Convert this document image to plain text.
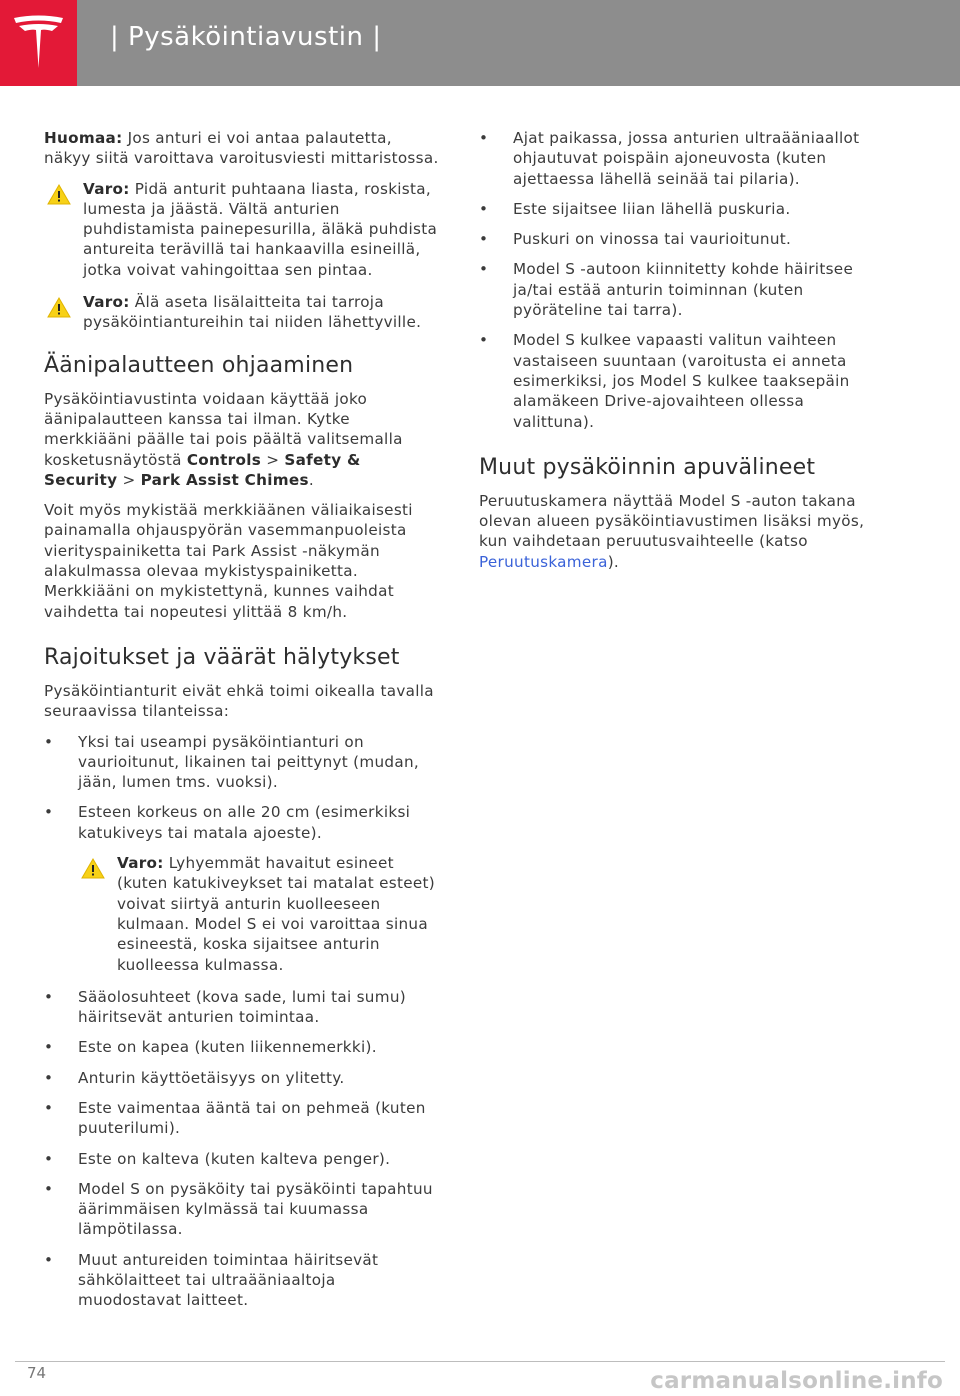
| Pysäköintiavustin |

Huomaa: Jos anturi ei voi antaa palautetta, näkyy siitä varoittava varoitusviesti mittaristossa.

Varo: Pidä anturit puhtaana liasta, roskista, lumesta ja jäästä. Vältä anturien puhdistamista painepesurilla, äläkä puhdista antureita terävillä tai hankaavilla esineillä, jotka voivat vahingoittaa sen pintaa.

Varo: Älä aseta lisälaitteita tai tarroja pysäköintiantureihin tai niiden lähettyville.

Äänipalautteen ohjaaminen

Pysäköintiavustinta voidaan käyttää joko äänipalautteen kanssa tai ilman. Kytke merkkiääni päälle tai pois päältä valitsemalla kosketusnäytöstä Controls > Safety & Security > Park Assist Chimes.

Voit myös mykistää merkkiäänen väliaikaisesti painamalla ohjauspyörän vasemmanpuoleista vierityspainiketta tai Park Assist -näkymän alakulmassa olevaa mykistyspainiketta. Merkkiääni on mykistettynä, kunnes vaihdat vaihdetta tai nopeutesi ylittää 8 km/h.

Rajoitukset ja väärät hälytykset

Pysäköintianturit eivät ehkä toimi oikealla tavalla seuraavissa tilanteissa:

• Yksi tai useampi pysäköintianturi on vaurioitunut, likainen tai peittynyt (mudan, jään, lumen tms. vuoksi).
• Esteen korkeus on alle 20 cm (esimerkiksi katukiveys tai matala ajoeste).

Varo: Lyhyemmät havaitut esineet (kuten katukiveykset tai matalat esteet) voivat siirtyä anturin kuolleeseen kulmaan. Model S ei voi varoittaa sinua esineestä, koska sijaitsee anturin kuolleessa kulmassa.

• Sääolosuhteet (kova sade, lumi tai sumu) häiritsevät anturien toimintaa.
• Este on kapea (kuten liikennemerkki).
• Anturin käyttöetäisyys on ylitetty.
• Este vaimentaa ääntä tai on pehmeä (kuten puuterilumi).
• Este on kalteva (kuten kalteva penger).
• Model S on pysäköity tai pysäköinti tapahtuu äärimmäisen kylmässä tai kuumassa lämpötilassa.
• Muut antureiden toimintaa häiritsevät sähkölaitteet tai ultraääniaaltoja muodostavat laitteet.
• Ajat paikassa, jossa anturien ultraääniaallot ohjautuvat poispäin ajoneuvosta (kuten ajettaessa lähellä seinää tai pilaria).
• Este sijaitsee liian lähellä puskuria.
• Puskuri on vinossa tai vaurioitunut.
• Model S -autoon kiinnitetty kohde häiritsee ja/tai estää anturin toiminnan (kuten pyöräteline tai tarra).
• Model S kulkee vapaasti valitun vaihteen vastaiseen suuntaan (varoitusta ei anneta esimerkiksi, jos Model S kulkee taaksepäin alamäkeen Drive-ajovaihteen ollessa valittuna).
Muut pysäköinnin apuvälineet

Peruutuskamera näyttää Model S -auton takana olevan alueen pysäköintiavustimen lisäksi myös, kun vaihdetaan peruutusvaihteelle (katso Peruutuskamera).

74	carmanualsonline.info
